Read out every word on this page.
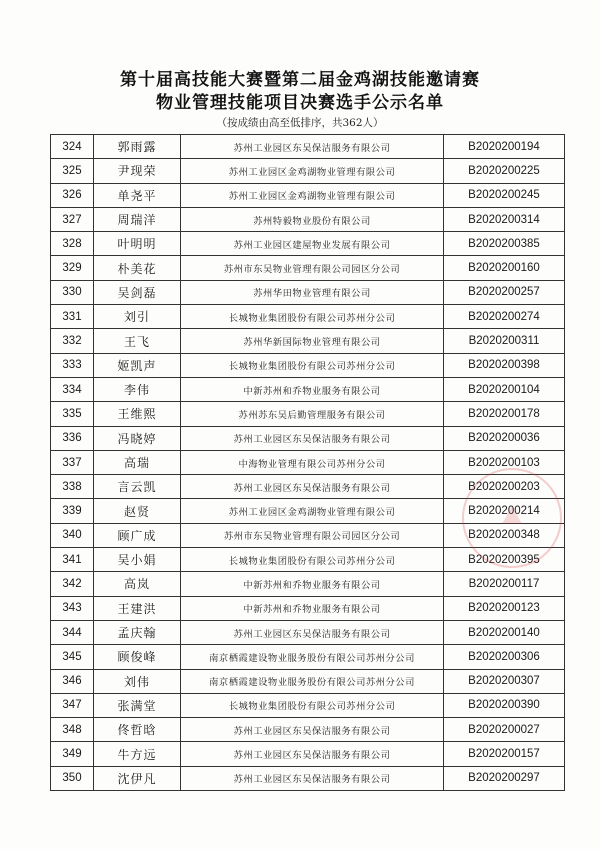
第十届高技能大赛暨第二届金鸡湖技能邀请赛
物业管理技能项目决赛选手公示名单
（按成绩由高至低排序，共362人）
324	郭雨露	苏州工业园区东吴保洁服务有限公司	B2020200194
325	尹现荣	苏州工业园区金鸡湖物业管理有限公司	B2020200225
326	单尧平	苏州工业园区金鸡湖物业管理有限公司	B2020200245
327	周瑞洋	苏州特毅物业股份有限公司	B2020200314
328	叶明明	苏州工业园区建屋物业发展有限公司	B2020200385
329	朴美花	苏州市东吴物业管理有限公司园区分公司	B2020200160
330	吴剑磊	苏州华田物业管理有限公司	B2020200257
331	刘引	长城物业集团股份有限公司苏州分公司	B2020200274
332	王飞	苏州华新国际物业管理有限公司	B2020200311
333	姬凯声	长城物业集团股份有限公司苏州分公司	B2020200398
334	李伟	中新苏州和乔物业服务有限公司	B2020200104
335	王维熙	苏州苏东吴后勤管理服务有限公司	B2020200178
336	冯晓婷	苏州工业园区东吴保洁服务有限公司	B2020200036
337	高瑞	中海物业管理有限公司苏州分公司	B2020200103
338	言云凯	苏州工业园区东吴保洁服务有限公司	B2020200203
339	赵贤	苏州工业园区金鸡湖物业管理有限公司	B2020200214
340	顾广成	苏州市东吴物业管理有限公司园区分公司	B2020200348
341	吴小娟	长城物业集团股份有限公司苏州分公司	B2020200395
342	高岚	中新苏州和乔物业服务有限公司	B2020200117
343	王建洪	中新苏州和乔物业服务有限公司	B2020200123
344	孟庆翰	苏州工业园区东吴保洁服务有限公司	B2020200140
345	顾俊峰	南京栖霞建设物业服务股份有限公司苏州分公司	B2020200306
346	刘伟	南京栖霞建设物业服务股份有限公司苏州分公司	B2020200307
347	张满堂	长城物业集团股份有限公司苏州分公司	B2020200390
348	佟哲晗	苏州工业园区东吴保洁服务有限公司	B2020200027
349	牛方远	苏州工业园区东吴保洁服务有限公司	B2020200157
350	沈伊凡	苏州工业园区东吴保洁服务有限公司	B2020200297
